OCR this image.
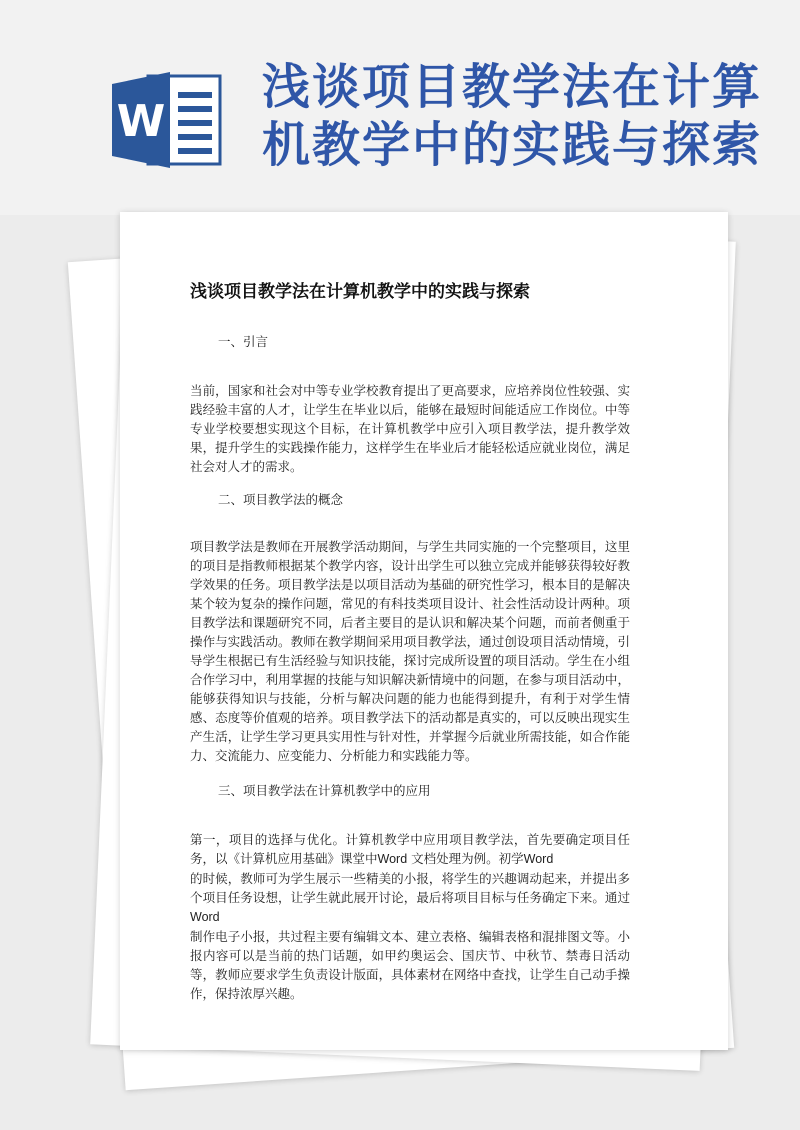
W
浅谈项目教学法在计算
机教学中的实践与探索
浅谈项目教学法在计算机教学中的实践与探索

一、引言

当前，国家和社会对中等专业学校教育提出了更高要求，应培养岗位性较强、实践经验丰富的人才，让学生在毕业以后，能够在最短时间能适应工作岗位。中等专业学校要想实现这个目标，在计算机教学中应引入项目教学法，提升教学效果，提升学生的实践操作能力，这样学生在毕业后才能轻松适应就业岗位，满足社会对人才的需求。

二、项目教学法的概念

项目教学法是教师在开展教学活动期间，与学生共同实施的一个完整项目，这里的项目是指教师根据某个教学内容，设计出学生可以独立完成并能够获得较好教学效果的任务。项目教学法是以项目活动为基础的研究性学习，根本目的是解决某个较为复杂的操作问题，常见的有科技类项目设计、社会性活动设计两种。项目教学法和课题研究不同，后者主要目的是认识和解决某个问题，而前者侧重于操作与实践活动。教师在教学期间采用项目教学法，通过创设项目活动情境，引导学生根据已有生活经验与知识技能，探讨完成所设置的项目活动。学生在小组合作学习中，利用掌握的技能与知识解决新情境中的问题，在参与项目活动中，能够获得知识与技能，分析与解决问题的能力也能得到提升，有利于对学生情感、态度等价值观的培养。项目教学法下的活动都是真实的，可以反映出现实生产生活，让学生学习更具实用性与针对性，并掌握今后就业所需技能，如合作能力、交流能力、应变能力、分析能力和实践能力等。

三、项目教学法在计算机教学中的应用

第一，项目的选择与优化。计算机教学中应用项目教学法，首先要确定项目任务，以《计算机应用基础》课堂中Word 文档处理为例。初学Word
的时候，教师可为学生展示一些精美的小报，将学生的兴趣调动起来，并提出多个项目任务设想，让学生就此展开讨论，最后将项目目标与任务确定下来。通过Word
制作电子小报，共过程主要有编辑文本、建立表格、编辑表格和混排图文等。小报内容可以是当前的热门话题，如甲约奥运会、国庆节、中秋节、禁毒日活动等，教师应要求学生负责设计版面，具体素材在网络中查找，让学生自己动手操作，保持浓厚兴趣。
